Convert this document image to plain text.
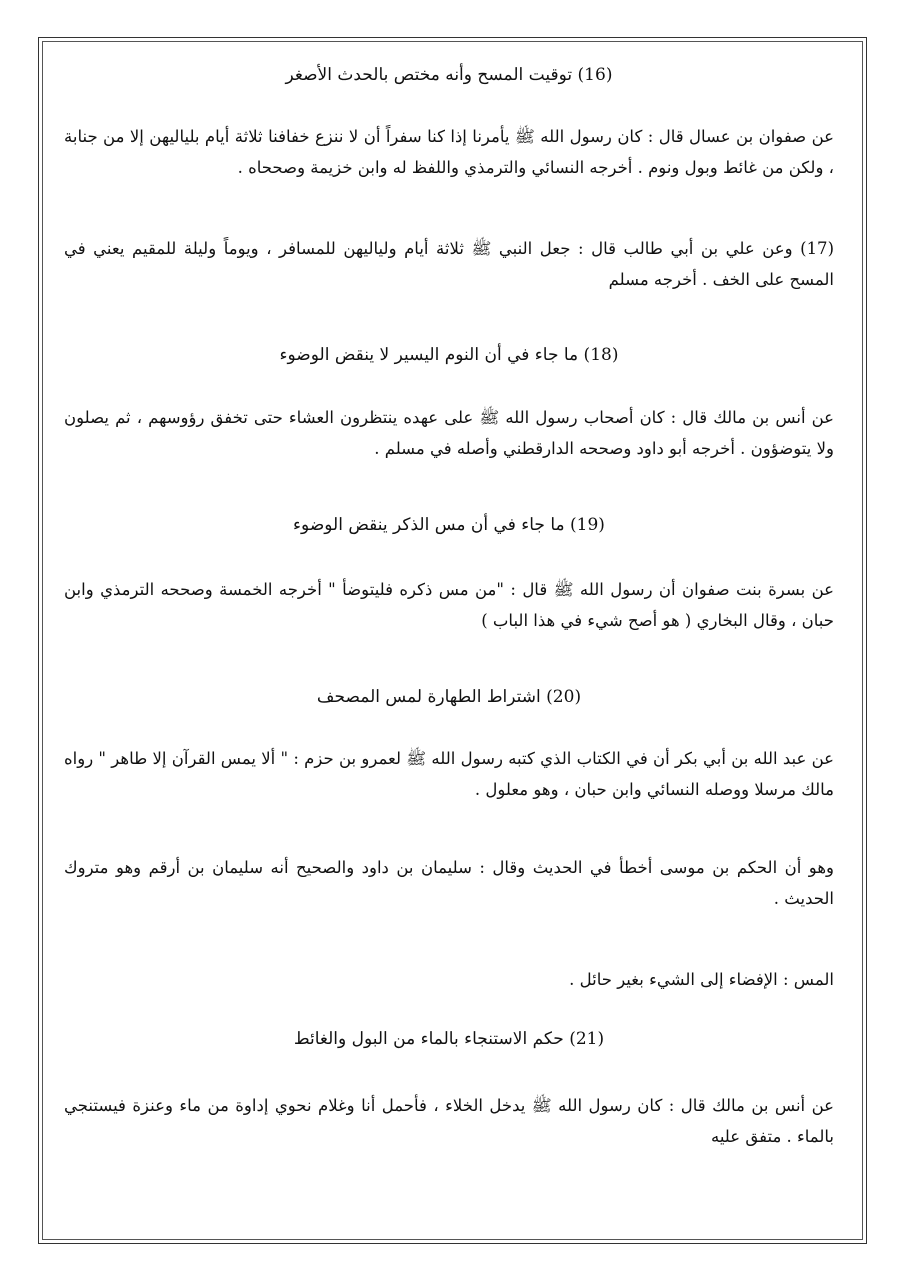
(16) توقيت المسح وأنه مختص بالحدث الأصغر
عن صفوان بن عسال قال : كان رسول الله ﷺ يأمرنا إذا كنا سفراً أن لا ننزع خفافنا ثلاثة أيام بلياليهن إلا من جنابة ، ولكن من غائط وبول ونوم . أخرجه النسائي والترمذي واللفظ له وابن خزيمة وصححاه .
(17) وعن علي بن أبي طالب قال : جعل النبي ﷺ ثلاثة أيام ولياليهن للمسافر ، ويوماً وليلة للمقيم يعني في المسح على الخف . أخرجه مسلم
(18) ما جاء في أن النوم اليسير لا ينقض الوضوء
عن أنس بن مالك قال : كان أصحاب رسول الله ﷺ على عهده ينتظرون العشاء حتى تخفق رؤوسهم ، ثم يصلون ولا يتوضؤون . أخرجه أبو داود وصححه الدارقطني وأصله في مسلم .
(19) ما جاء في أن مس الذكر ينقض الوضوء
عن بسرة بنت صفوان أن رسول الله ﷺ قال : "من مس ذكره فليتوضأ " أخرجه الخمسة وصححه الترمذي وابن حبان ، وقال البخاري ( هو أصح شيء في هذا الباب )
(20) اشتراط الطهارة لمس المصحف
عن عبد الله بن أبي بكر أن في الكتاب الذي كتبه رسول الله ﷺ لعمرو بن حزم : " ألا يمس القرآن إلا طاهر " رواه مالك مرسلا ووصله النسائي وابن حبان ، وهو معلول .
وهو أن الحكم بن موسى أخطأ في الحديث وقال : سليمان بن داود والصحيح أنه سليمان بن أرقم وهو متروك الحديث .
المس : الإفضاء إلى الشيء بغير حائل .
(21) حكم الاستنجاء بالماء من البول والغائط
عن أنس بن مالك قال : كان رسول الله ﷺ يدخل الخلاء ، فأحمل أنا وغلام نحوي إداوة من ماء وعنزة فيستنجي بالماء . متفق عليه
